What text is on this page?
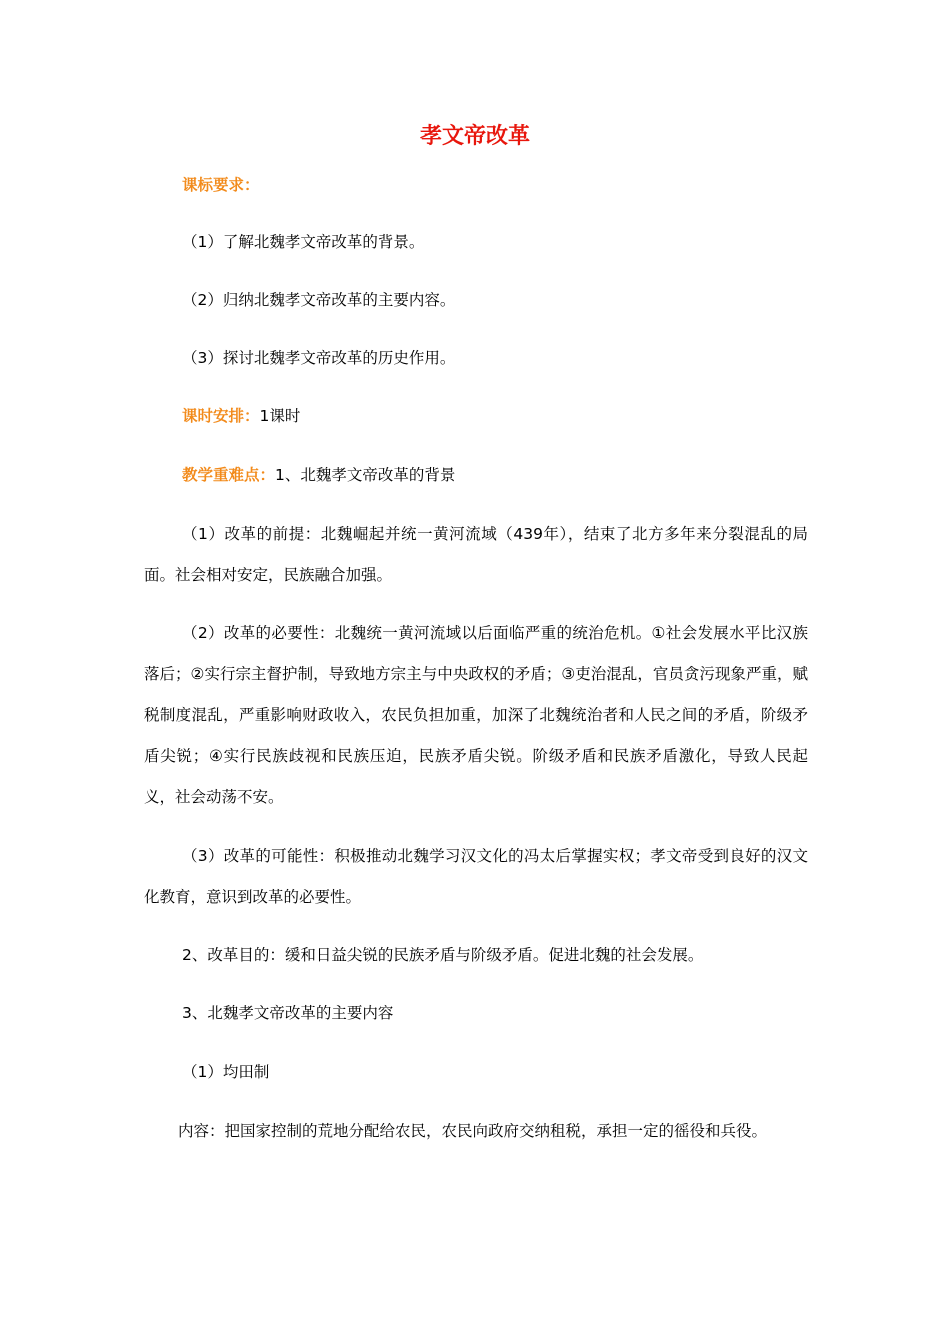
孝文帝改革
课标要求：
（1）了解北魏孝文帝改革的背景。
（2）归纳北魏孝文帝改革的主要内容。
（3）探讨北魏孝文帝改革的历史作用。
课时安排：1课时
教学重难点：1、北魏孝文帝改革的背景
（1）改革的前提：北魏崛起并统一黄河流域（439年），结束了北方多年来分裂混乱的局面。社会相对安定，民族融合加强。
（2）改革的必要性：北魏统一黄河流域以后面临严重的统治危机。①社会发展水平比汉族落后；②实行宗主督护制，导致地方宗主与中央政权的矛盾；③吏治混乱，官员贪污现象严重，赋税制度混乱，严重影响财政收入，农民负担加重，加深了北魏统治者和人民之间的矛盾，阶级矛盾尖锐；④实行民族歧视和民族压迫，民族矛盾尖锐。阶级矛盾和民族矛盾激化，导致人民起义，社会动荡不安。
（3）改革的可能性：积极推动北魏学习汉文化的冯太后掌握实权；孝文帝受到良好的汉文化教育，意识到改革的必要性。
2、改革目的：缓和日益尖锐的民族矛盾与阶级矛盾。促进北魏的社会发展。
3、北魏孝文帝改革的主要内容
（1）均田制
内容：把国家控制的荒地分配给农民，农民向政府交纳租税，承担一定的徭役和兵役。
